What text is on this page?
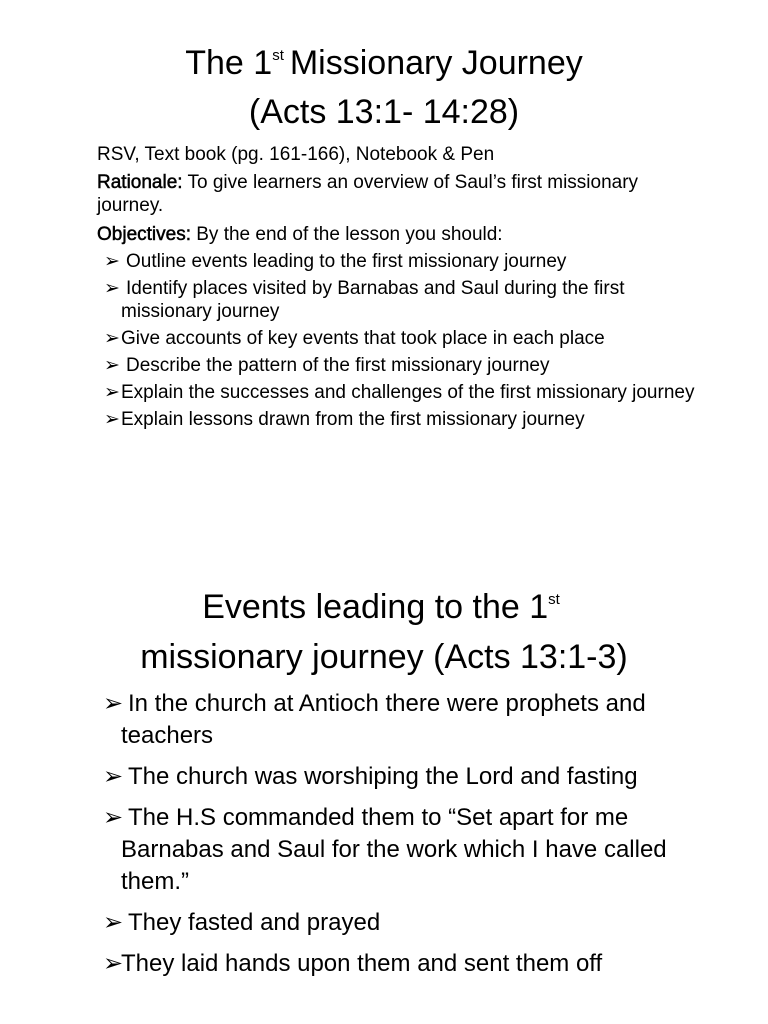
The 1st Missionary Journey
(Acts 13:1- 14:28)
RSV, Text book (pg. 161-166), Notebook & Pen
Rationale: To give learners an overview of Saul’s first missionary journey.
Objectives: By the end of the lesson you should:
➢ Outline events leading to the first missionary journey
➢ Identify places visited by Barnabas and Saul during the first missionary journey
➢ Give accounts of key events that took place in each place
➢ Describe the pattern of the first missionary journey
➢ Explain the successes and challenges of the first missionary journey
➢ Explain lessons drawn from the first missionary journey
Events leading to the 1st
missionary journey (Acts 13:1-3)
➢ In the church at Antioch there were prophets and teachers
➢ The church was worshiping the Lord and fasting
➢ The H.S commanded them to “Set apart for me Barnabas and Saul for the work which I have called them.”
➢ They fasted and prayed
➢
They laid hands upon them and sent them off
